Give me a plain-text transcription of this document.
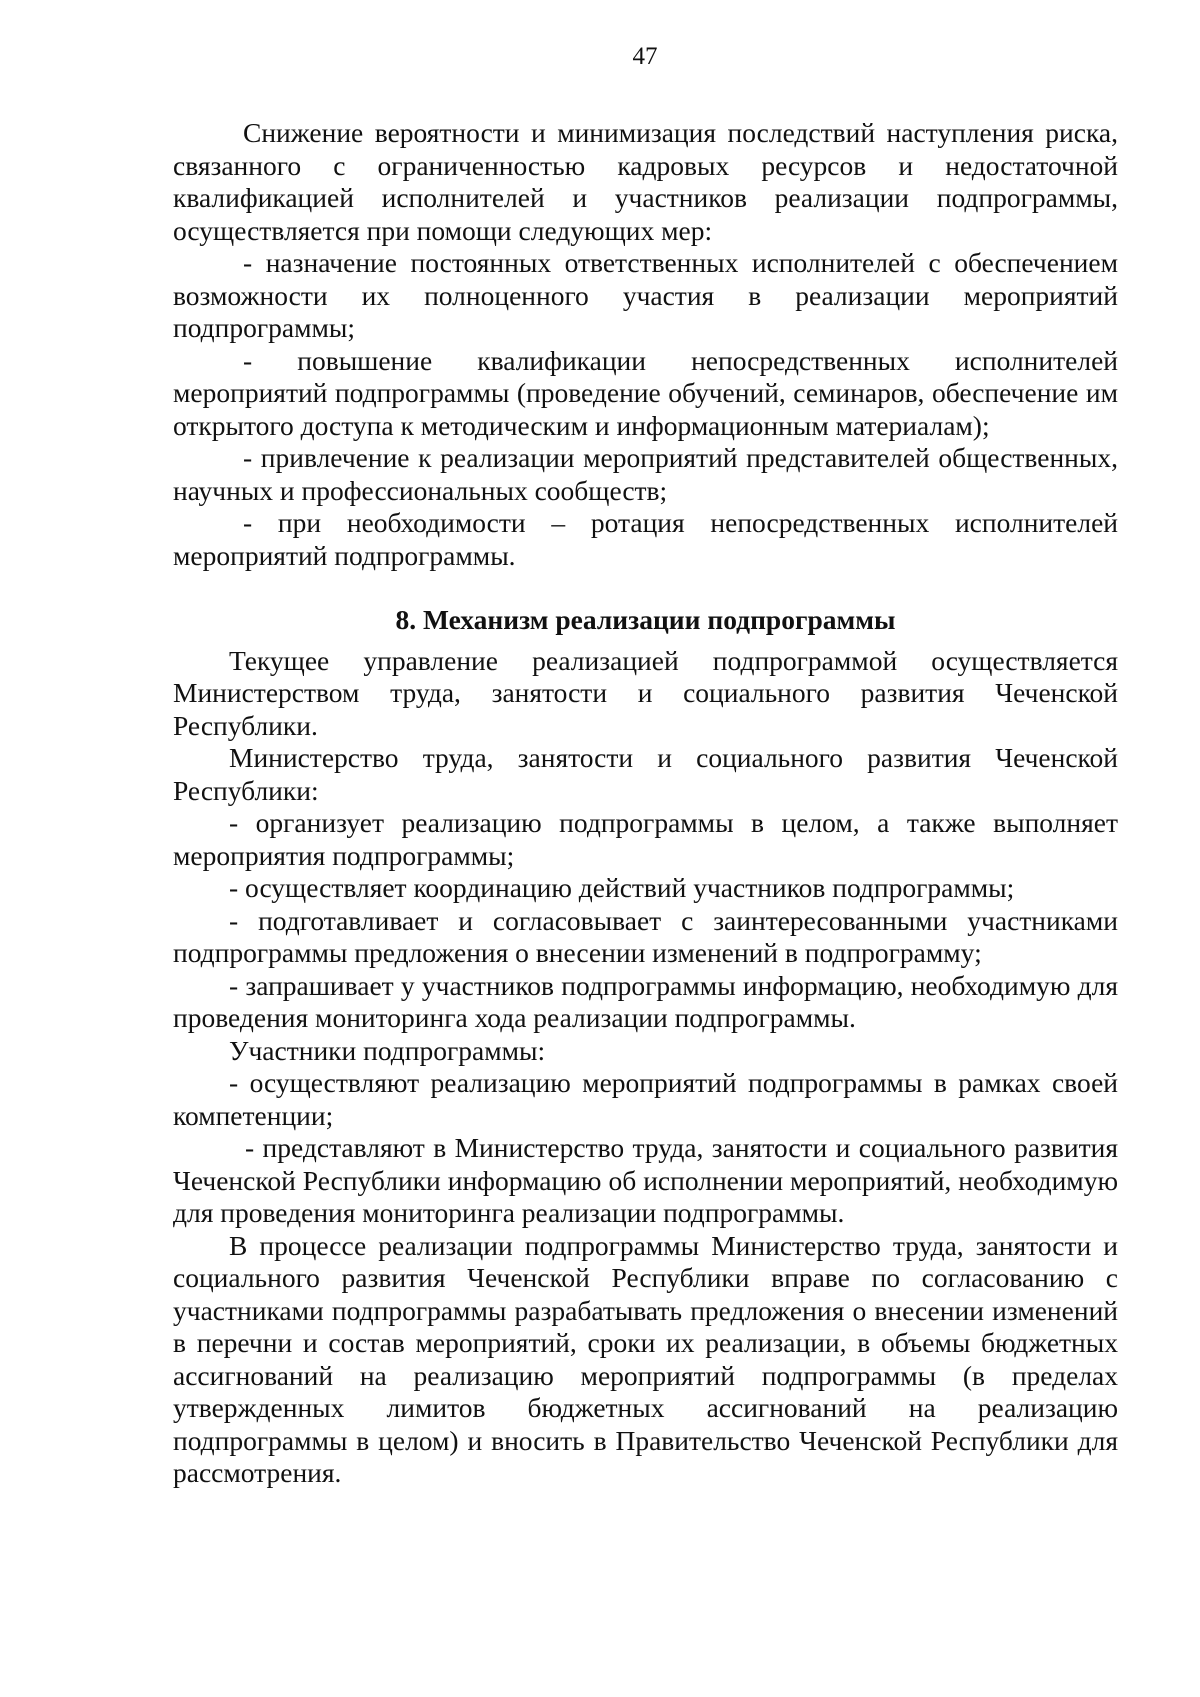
47

Снижение вероятности и минимизация последствий наступления риска, связанного с ограниченностью кадровых ресурсов и недостаточной квалификацией исполнителей и участников реализации подпрограммы, осуществляется при помощи следующих мер:

- назначение постоянных ответственных исполнителей с обеспечением возможности их полноценного участия в реализации мероприятий подпрограммы;

- повышение квалификации непосредственных исполнителей мероприятий подпрограммы (проведение обучений, семинаров, обеспечение им открытого доступа к методическим и информационным материалам);

- привлечение к реализации мероприятий представителей общественных, научных и профессиональных сообществ;

- при необходимости – ротация непосредственных исполнителей мероприятий подпрограммы.

8. Механизм реализации подпрограммы

Текущее управление реализацией подпрограммой осуществляется Министерством труда, занятости и социального развития Чеченской Республики.

Министерство труда, занятости и социального развития Чеченской Республики:

- организует реализацию подпрограммы в целом, а также выполняет мероприятия подпрограммы;

- осуществляет координацию действий участников подпрограммы;

- подготавливает и согласовывает с заинтересованными участниками подпрограммы предложения о внесении изменений в подпрограмму;

- запрашивает у участников подпрограммы информацию, необходимую для проведения мониторинга хода реализации подпрограммы.

Участники подпрограммы:

- осуществляют реализацию мероприятий подпрограммы в рамках своей компетенции;

- представляют в Министерство труда, занятости и социального развития Чеченской Республики информацию об исполнении мероприятий, необходимую для проведения мониторинга реализации подпрограммы.

В процессе реализации подпрограммы Министерство труда, занятости и социального развития Чеченской Республики вправе по согласованию с участниками подпрограммы разрабатывать предложения о внесении изменений в перечни и состав мероприятий, сроки их реализации, в объемы бюджетных ассигнований на реализацию мероприятий подпрограммы (в пределах утвержденных лимитов бюджетных ассигнований на реализацию подпрограммы в целом) и вносить в Правительство Чеченской Республики для рассмотрения.
